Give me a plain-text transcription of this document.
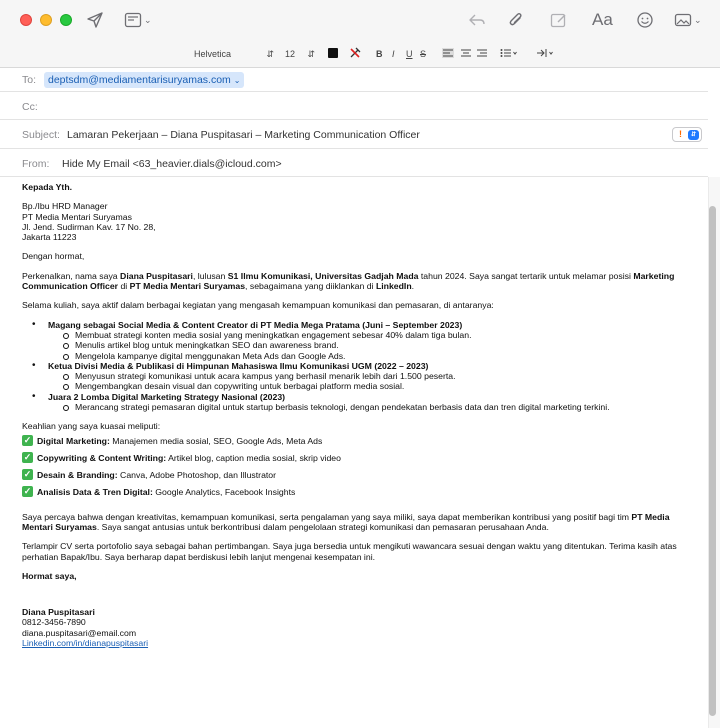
⌄	Aa	⌄
Helvetica	⇵ 12 ⇵	B I U S
To:	deptsdm@mediamentarisuryamas.com ⌄
Cc:
Subject: Lamaran Pekerjaan – Diana Puspitasari – Marketing Communication Officer	!	⇵
From: Hide My Email <63_heavier.dials@icloud.com>

Kepada Yth.

Bp./Ibu HRD Manager
PT Media Mentari Suryamas
Jl. Jend. Sudirman Kav. 17 No. 28,
Jakarta 11223

Dengan hormat,

Perkenalkan, nama saya Diana Puspitasari, lulusan S1 Ilmu Komunikasi, Universitas Gadjah Mada tahun 2024. Saya sangat tertarik untuk melamar posisi Marketing Communication Officer di PT Media Mentari Suryamas, sebagaimana yang diiklankan di LinkedIn.

Selama kuliah, saya aktif dalam berbagai kegiatan yang mengasah kemampuan komunikasi dan pemasaran, di antaranya:

• Magang sebagai Social Media & Content Creator di PT Media Mega Pratama (Juni – September 2023)
Membuat strategi konten media sosial yang meningkatkan engagement sebesar 40% dalam tiga bulan.
Menulis artikel blog untuk meningkatkan SEO dan awareness brand.
Mengelola kampanye digital menggunakan Meta Ads dan Google Ads.
• Ketua Divisi Media & Publikasi di Himpunan Mahasiswa Ilmu Komunikasi UGM (2022 – 2023)
Menyusun strategi komunikasi untuk acara kampus yang berhasil menarik lebih dari 1.500 peserta.
Mengembangkan desain visual dan copywriting untuk berbagai platform media sosial.
• Juara 2 Lomba Digital Marketing Strategy Nasional (2023)
Merancang strategi pemasaran digital untuk startup berbasis teknologi, dengan pendekatan berbasis data dan tren digital marketing terkini.
Keahlian yang saya kuasai meliputi:
✓ Digital Marketing: Manajemen media sosial, SEO, Google Ads, Meta Ads
✓ Copywriting & Content Writing: Artikel blog, caption media sosial, skrip video
✓ Desain & Branding: Canva, Adobe Photoshop, dan Illustrator
✓ Analisis Data & Tren Digital: Google Analytics, Facebook Insights

Saya percaya bahwa dengan kreativitas, kemampuan komunikasi, serta pengalaman yang saya miliki, saya dapat memberikan kontribusi yang positif bagi tim PT Media Mentari Suryamas. Saya sangat antusias untuk berkontribusi dalam pengelolaan strategi komunikasi dan pemasaran perusahaan Anda.

Terlampir CV serta portofolio saya sebagai bahan pertimbangan. Saya juga bersedia untuk mengikuti wawancara sesuai dengan waktu yang ditentukan. Terima kasih atas perhatian Bapak/Ibu. Saya berharap dapat berdiskusi lebih lanjut mengenai kesempatan ini.

Hormat saya,

Diana Puspitasari
0812-3456-7890
diana.puspitasari@email.com
Linkedin.com/in/dianapuspitasari
